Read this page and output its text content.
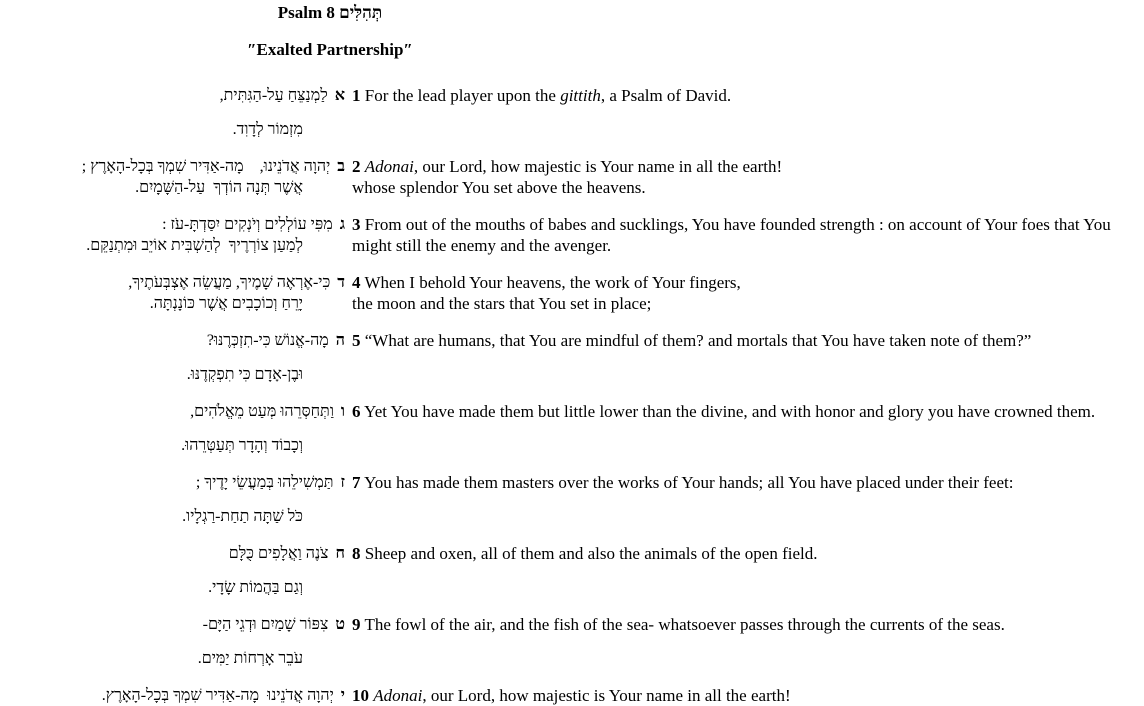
Psalm 8 תְּהִלִּים
″Exalted Partnership″
אלַמְנַצֵּחַ עַל-הַגִּתִּית,
מִזְמוֹר לְדָוִד.
1 For the lead player upon the gittith, a Psalm of David.
ביְהוָה אֲדֹנֵינוּ, מָה-אַדִּיר שִׁמְךָ בְּכָל-הָאָרֶץ ;
אֲשֶׁר תְּנָה הוֹדְךָ עַל-הַשָּׁמָיִם.
2 Adonai, our Lord, how majestic is Your name in all the earth!
whose splendor You set above the heavens.
גמִפִּי עוֹלְלִים וְיֹנְקִים יִסַּדְתָּ-עֹז :
לְמַעַן צוֹרְרֶיךָ לְהַשְׁבִּית אוֹיֵב וּמִתְנַקֵּם.
3 From out of the mouths of babes and sucklings, You have founded strength : on account of Your foes that You might still the enemy and the avenger.
דכִּי-אֶרְאֶה שָׁמֶיךָ, מַעֲשֵׂה אֶצְבְּעֹתֶיךָ,
יָרֵחַ וְכוֹכָבִים אֲשֶׁר כּוֹנָנְתָּה.
4 When I behold Your heavens, the work of Your fingers,
the moon and the stars that You set in place;
המָה-אֱנוֹשׁ כִּי-תִזְכְּרֶנּוּ?
וּבֶן-אָדָם כִּי תִפְקְדֶנּוּ.
5 “What are humans, that You are mindful of them? and mortals that You have taken note of them?”
ווַתְּחַסְּרֵהוּ מְּעַט מֵאֱלֹהִים,
וְכָבוֹד וְהָדָר תְּעַטְּרֵהוּ.
6 Yet You have made them but little lower than the divine, and with honor and glory you have crowned them.
זתַּמְשִׁילֵהוּ בְּמַעֲשֵׂי יָדֶיךָ ;
כֹּל שַׁתָּה תַחַת-רַגְלָיו.
7 You has made them masters over the works of Your hands; all You have placed under their feet:
חצֹנֶה וַאֲלָפִים כֻּלָּם
וְגַם בַּהֲמוֹת שָׂדָי.
8 Sheep and oxen, all of them and also the animals of the open field.
טצִפּוֹר שָׁמַיִם וּדְגֵי הַיָּם-
עֹבֵר אָרְחוֹת יַמִּים.
9 The fowl of the air, and the fish of the sea- whatsoever passes through the currents of the seas.
ייְהוָה אֲדֹנֵינוּ מָה-אַדִּיר שִׁמְךָ בְּכָל-הָאָרֶץ.	10 Adonai, our Lord, how majestic is Your name in all the earth!
